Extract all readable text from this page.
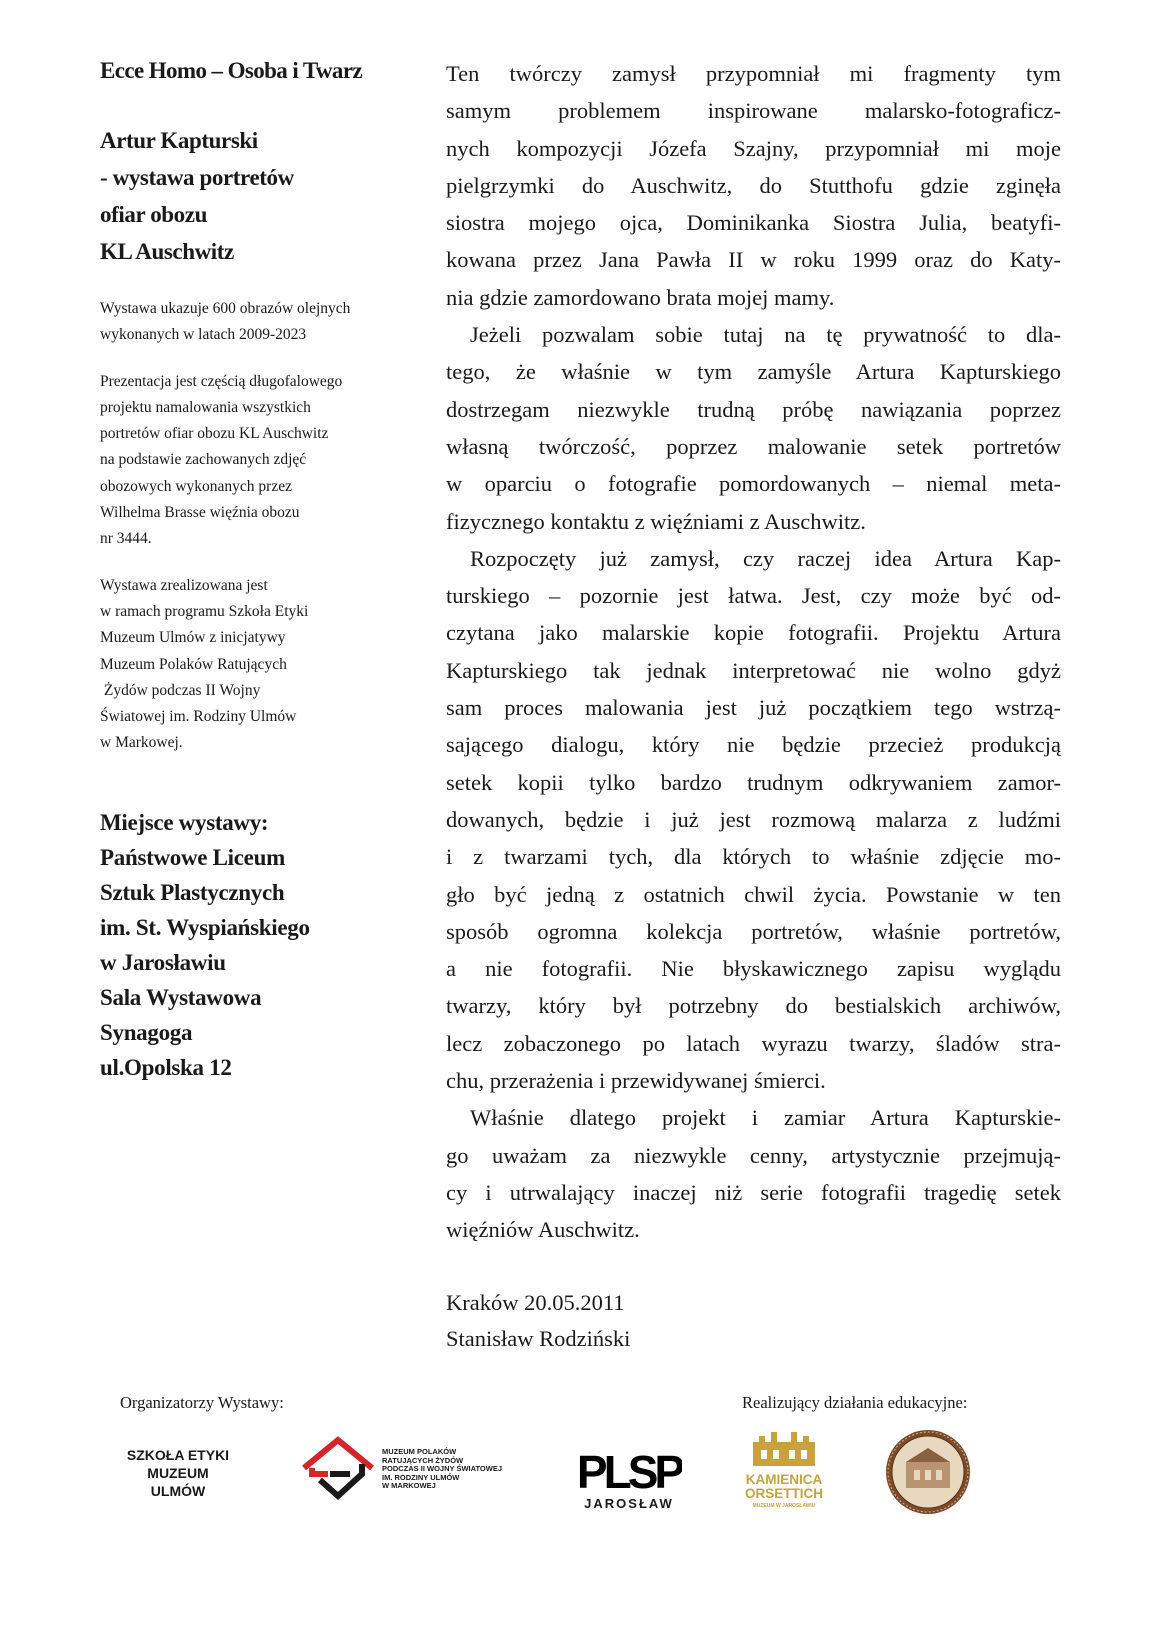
Ecce Homo – Osoba i Twarz
Artur Kapturski
- wystawa portretów
ofiar obozu
KL Auschwitz
Wystawa ukazuje 600 obrazów olejnych
wykonanych w latach 2009-2023
Prezentacja jest częścią długofalowego
projektu namalowania wszystkich
portretów ofiar obozu KL Auschwitz
na podstawie zachowanych zdjęć
obozowych wykonanych przez
Wilhelma Brasse więźnia obozu
nr 3444.
Wystawa zrealizowana jest
w ramach programu Szkoła Etyki
Muzeum Ulmów z inicjatywy
Muzeum Polaków Ratujących
Żydów podczas II Wojny
Światowej im. Rodziny Ulmów
w Markowej.
Miejsce wystawy:
Państwowe Liceum
Sztuk Plastycznych
im. St. Wyspiańskiego
w Jarosławiu
Sala Wystawowa
Synagoga
ul.Opolska 12
Ten twórczy zamysł przypomniał mi fragmenty tym
samym problemem inspirowane malarsko-fotograficz-
nych kompozycji Józefa Szajny, przypomniał mi moje
pielgrzymki do Auschwitz, do Stutthofu gdzie zginęła
siostra mojego ojca, Dominikanka Siostra Julia, beatyfi-
kowana przez Jana Pawła II w roku 1999 oraz do Katy-
nia gdzie zamordowano brata mojej mamy.
Jeżeli pozwalam sobie tutaj na tę prywatność to dla-
tego, że właśnie w tym zamyśle Artura Kapturskiego
dostrzegam niezwykle trudną próbę nawiązania poprzez
własną twórczość, poprzez malowanie setek portretów
w oparciu o fotografie pomordowanych – niemal meta-
fizycznego kontaktu z więźniami z Auschwitz.
Rozpoczęty już zamysł, czy raczej idea Artura Kap-
turskiego – pozornie jest łatwa. Jest, czy może być od-
czytana jako malarskie kopie fotografii. Projektu Artura
Kapturskiego tak jednak interpretować nie wolno gdyż
sam proces malowania jest już początkiem tego wstrzą-
sającego dialogu, który nie będzie przecież produkcją
setek kopii tylko bardzo trudnym odkrywaniem zamor-
dowanych, będzie i już jest rozmową malarza z ludźmi
i z twarzami tych, dla których to właśnie zdjęcie mo-
gło być jedną z ostatnich chwil życia. Powstanie w ten
sposób ogromna kolekcja portretów, właśnie portretów,
a nie fotografii. Nie błyskawicznego zapisu wyglądu
twarzy, który był potrzebny do bestialskich archiwów,
lecz zobaczonego po latach wyrazu twarzy, śladów stra-
chu, przerażenia i przewidywanej śmierci.
Właśnie dlatego projekt i zamiar Artura Kapturskie-
go uważam za niezwykle cenny, artystycznie przejmują-
cy i utrwalający inaczej niż serie fotografii tragedię setek
więźniów Auschwitz.
Kraków 20.05.2011
Stanisław Rodziński
Organizatorzy Wystawy:	Realizujący działania edukacyjne:
SZKOŁA ETYKI
MUZEUM
ULMÓW
MUZEUM POLAKÓW
RATUJĄCYCH ŻYDÓW
PODCZAS II WOJNY ŚWIATOWEJ
IM. RODZINY ULMÓW
W MARKOWEJ	PLSP
JAROSŁAW
KAMIENICA
ORSETTICH
MUZEUM W JAROSŁAWIU
